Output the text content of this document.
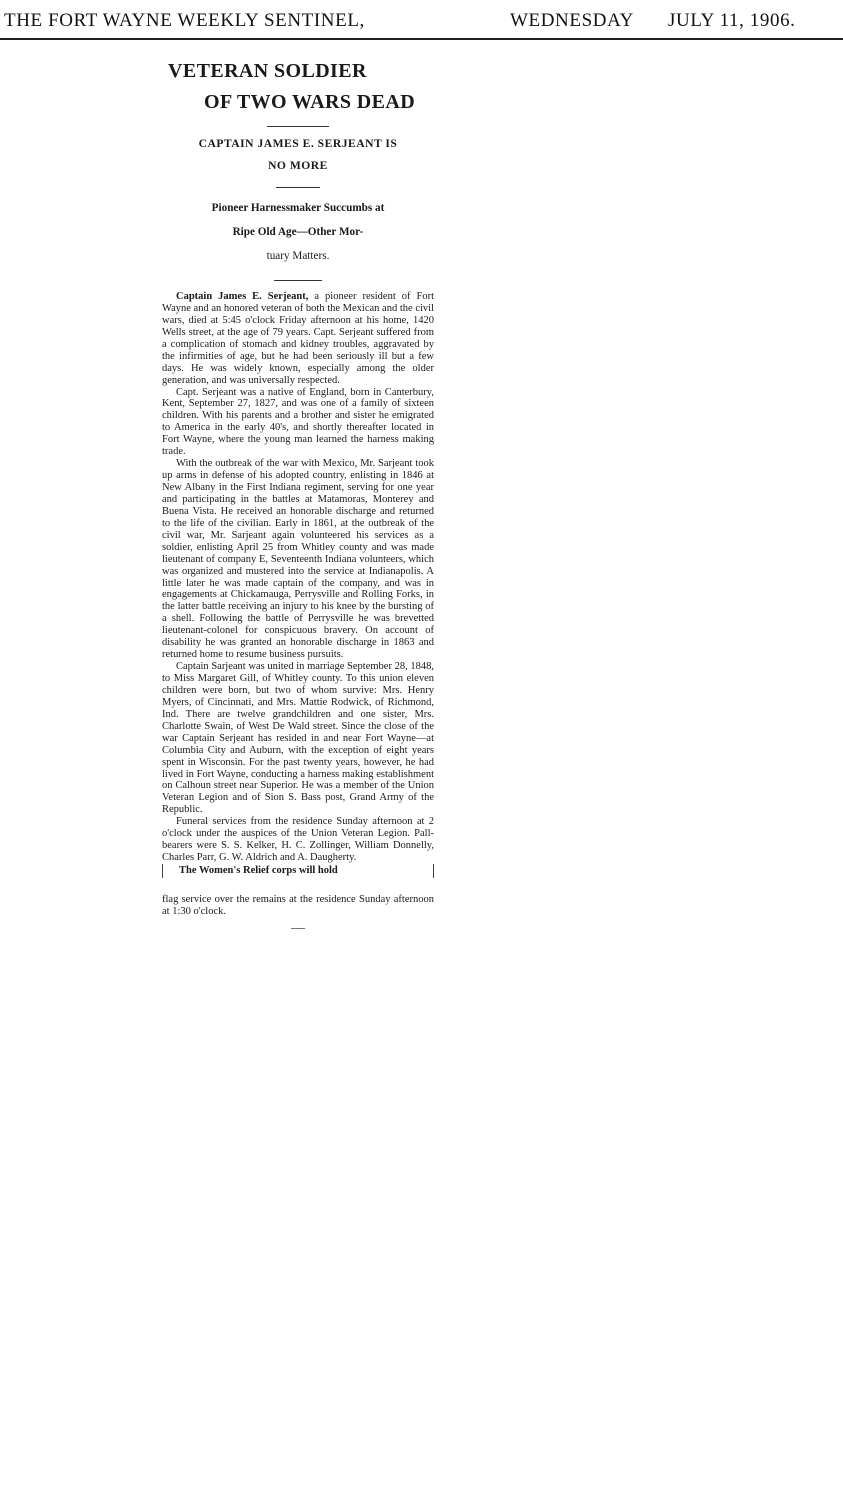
THE FORT WAYNE WEEKLY SENTINEL,	WEDNESDAY JULY 11, 1906.
VETERAN SOLDIER
OF TWO WARS DEAD
CAPTAIN JAMES E. SERJEANT IS
NO MORE
Pioneer Harnessmaker Succumbs at
Ripe Old Age—Other Mor-
tuary Matters.

Captain James E. Serjeant, a pioneer resident of Fort Wayne and an honored veteran of both the Mexican and the civil wars, died at 5:45 o'clock Friday afternoon at his home, 1420 Wells street, at the age of 79 years. Capt. Serjeant suffered from a complication of stomach and kidney troubles, aggravated by the infirmities of age, but he had been seriously ill but a few days. He was widely known, especially among the older generation, and was universally respected.

Capt. Serjeant was a native of England, born in Canterbury, Kent, September 27, 1827, and was one of a family of sixteen children. With his parents and a brother and sister he emigrated to America in the early 40's, and shortly thereafter located in Fort Wayne, where the young man learned the harness making trade.

With the outbreak of the war with Mexico, Mr. Sarjeant took up arms in defense of his adopted country, enlisting in 1846 at New Albany in the First Indiana regiment, serving for one year and participating in the battles at Matamoras, Monterey and Buena Vista. He received an honorable discharge and returned to the life of the civilian. Early in 1861, at the outbreak of the civil war, Mr. Sarjeant again volunteered his services as a soldier, enlisting April 25 from Whitley county and was made lieutenant of company E, Seventeenth Indiana volunteers, which was organized and mustered into the service at Indianapolis. A little later he was made captain of the company, and was in engagements at Chickamauga, Perrysville and Rolling Forks, in the latter battle receiving an injury to his knee by the bursting of a shell. Following the battle of Perrysville he was brevetted lieutenant-colonel for conspicuous bravery. On account of disability he was granted an honorable discharge in 1863 and returned home to resume business pursuits.

Captain Sarjeant was united in marriage September 28, 1848, to Miss Margaret Gill, of Whitley county. To this union eleven children were born, but two of whom survive: Mrs. Henry Myers, of Cincinnati, and Mrs. Mattie Rodwick, of Richmond, Ind. There are twelve grandchildren and one sister, Mrs. Charlotte Swain, of West De Wald street. Since the close of the war Captain Serjeant has resided in and near Fort Wayne—at Columbia City and Auburn, with the exception of eight years spent in Wisconsin. For the past twenty years, however, he had lived in Fort Wayne, conducting a harness making establishment on Calhoun street near Superior. He was a member of the Union Veteran Legion and of Sion S. Bass post, Grand Army of the Republic.

Funeral services from the residence Sunday afternoon at 2 o'clock under the auspices of the Union Veteran Legion. Pall-bearers were S. S. Kelker, H. C. Zollinger, William Donnelly, Charles Parr, G. W. Aldrich and A. Daugherty.

The Women's Relief corps will hold

flag service over the remains at the residence Sunday afternoon at 1:30 o'clock.
